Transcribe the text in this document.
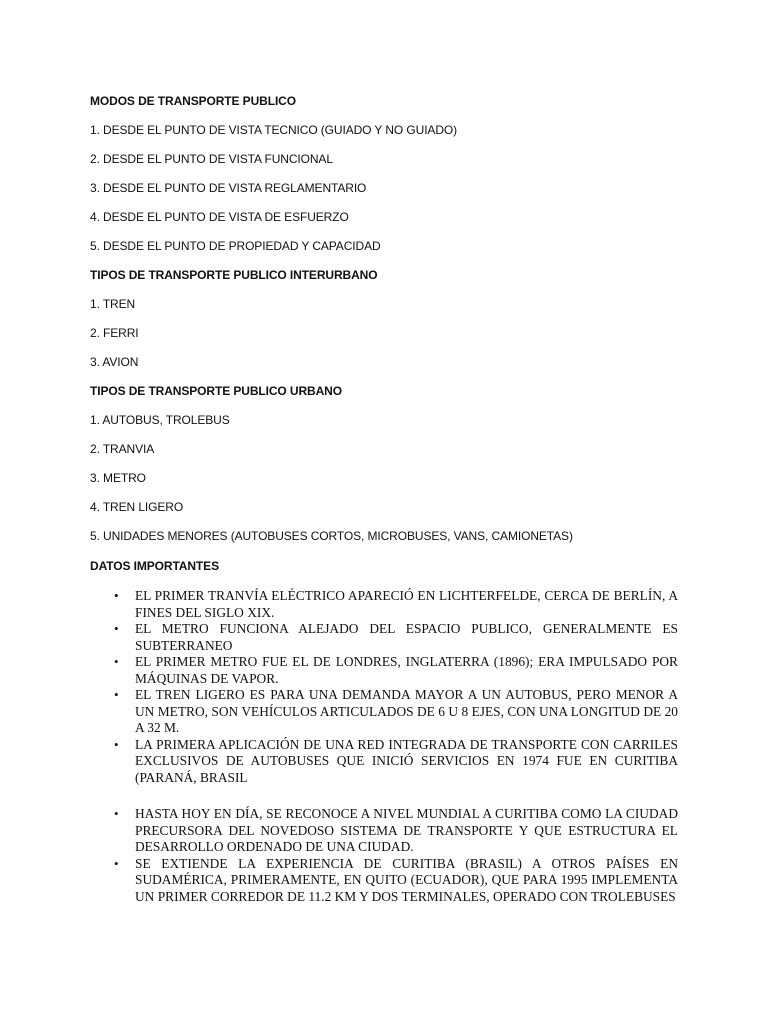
MODOS DE TRANSPORTE PUBLICO
1. DESDE EL PUNTO DE VISTA TECNICO (GUIADO Y NO GUIADO)
2. DESDE EL PUNTO DE VISTA FUNCIONAL
3. DESDE EL PUNTO DE VISTA REGLAMENTARIO
4. DESDE EL PUNTO DE VISTA DE ESFUERZO
5. DESDE EL PUNTO DE PROPIEDAD Y CAPACIDAD
TIPOS DE TRANSPORTE PUBLICO INTERURBANO
1. TREN
2. FERRI
3. AVION
TIPOS DE TRANSPORTE PUBLICO URBANO
1. AUTOBUS, TROLEBUS
2. TRANVIA
3. METRO
4. TREN LIGERO
5. UNIDADES MENORES (AUTOBUSES CORTOS, MICROBUSES, VANS, CAMIONETAS)
DATOS IMPORTANTES
• EL PRIMER TRANVÍA ELÉCTRICO APARECIÓ EN LICHTERFELDE, CERCA DE BERLÍN, A FINES DEL SIGLO XIX.
• EL METRO FUNCIONA ALEJADO DEL ESPACIO PUBLICO, GENERALMENTE ES SUBTERRANEO
• EL PRIMER METRO FUE EL DE LONDRES, INGLATERRA (1896); ERA IMPULSADO POR MÁQUINAS DE VAPOR.
• EL TREN LIGERO ES PARA UNA DEMANDA MAYOR A UN AUTOBUS, PERO MENOR A UN METRO, SON VEHÍCULOS ARTICULADOS DE 6 U 8 EJES, CON UNA LONGITUD DE 20 A 32 M.
• LA PRIMERA APLICACIÓN DE UNA RED INTEGRADA DE TRANSPORTE CON CARRILES EXCLUSIVOS DE AUTOBUSES QUE INICIÓ SERVICIOS EN 1974 FUE EN CURITIBA (PARANÁ, BRASIL
• HASTA HOY EN DÍA, SE RECONOCE A NIVEL MUNDIAL A CURITIBA COMO LA CIUDAD PRECURSORA DEL NOVEDOSO SISTEMA DE TRANSPORTE Y QUE ESTRUCTURA EL DESARROLLO ORDENADO DE UNA CIUDAD.
• SE EXTIENDE LA EXPERIENCIA DE CURITIBA (BRASIL) A OTROS PAÍSES EN SUDAMÉRICA, PRIMERAMENTE, EN QUITO (ECUADOR), QUE PARA 1995 IMPLEMENTA UN PRIMER CORREDOR DE 11.2 KM Y DOS TERMINALES, OPERADO CON TROLEBUSES
